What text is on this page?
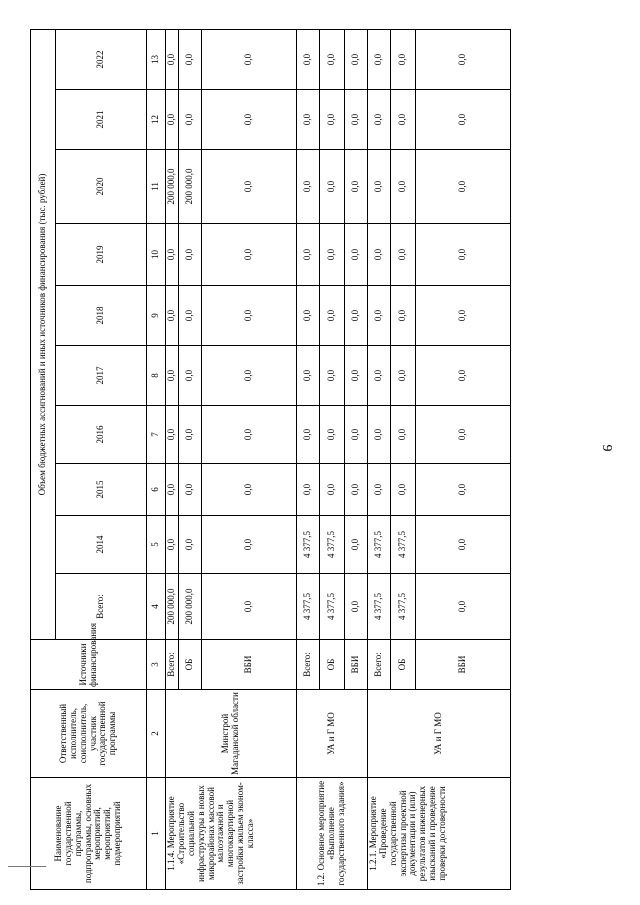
9
Наименование государственной программы, подпрограммы, основных мероприятий, мероприятий, подмероприятий	Ответственный исполнитель, соисполнитель, участник государственной программы	Источники финансирования	Объем бюджетных ассигнований и иных источников финансирования (тыс. рублей)									
			Всего:	2014	2015	2016	2017	2018	2019	2020	2021	2022
1	2	3	4	5	6	7	8	9	10	11	12	13
1.1.4. Мероприятие «Строительство социальной инфраструктуры в новых микрорайонах массовой малоэтажной и многоквартирной застройки жильем эконом-класса»	Минстрой Магаданской области	Всего:	200 000,0	0,0	0,0	0,0	0,0	0,0	0,0	200 000,0	0,0	0,0
		ОБ	200 000,0	0,0	0,0	0,0	0,0	0,0	0,0	200 000,0	0,0	0,0
		ВБИ	0,0	0,0	0,0	0,0	0,0	0,0	0,0	0,0	0,0	0,0
1.2. Основное мероприятие «Выполнение государственного задания»	УА и Г МО	Всего:	4 377,5	4 377,5	0,0	0,0	0,0	0,0	0,0	0,0	0,0	0,0
		ОБ	4 377,5	4 377,5	0,0	0,0	0,0	0,0	0,0	0,0	0,0	0,0
		ВБИ	0,0	0,0	0,0	0,0	0,0	0,0	0,0	0,0	0,0	0,0
1.2.1. Мероприятие «Проведение государственной экспертизы проектной документации и (или) результатов инженерных изысканий и проведение проверки достоверности	УА и Г МО	Всего:	4 377,5	4 377,5	0,0	0,0	0,0	0,0	0,0	0,0	0,0	0,0
		ОБ	4 377,5	4 377,5	0,0	0,0	0,0	0,0	0,0	0,0	0,0	0,0
		ВБИ	0,0	0,0	0,0	0,0	0,0	0,0	0,0	0,0	0,0	0,0
